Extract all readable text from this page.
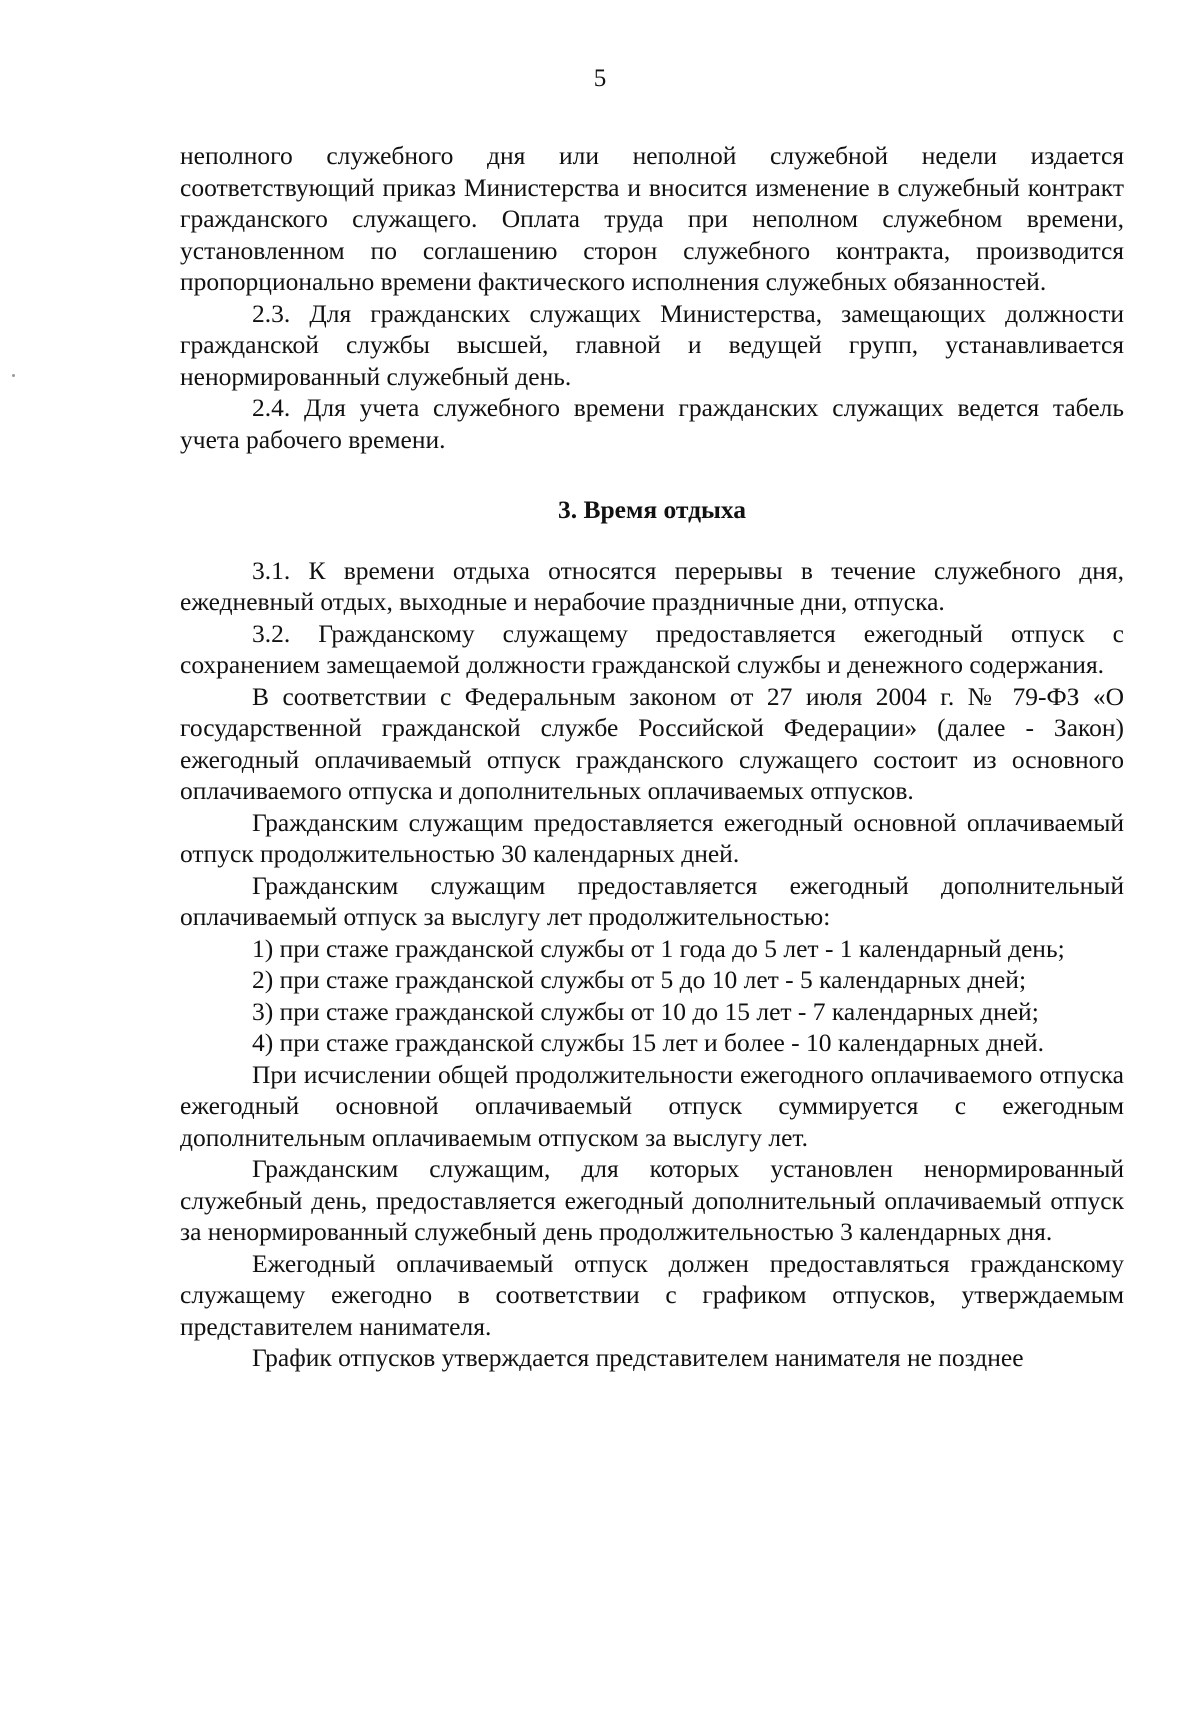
5

неполного служебного дня или неполной служебной недели издается соответствующий приказ Министерства и вносится изменение в служебный контракт гражданского служащего. Оплата труда при неполном служебном времени, установленном по соглашению сторон служебного контракта, производится пропорционально времени фактического исполнения служебных обязанностей.

2.3. Для гражданских служащих Министерства, замещающих должности гражданской службы высшей, главной и ведущей групп, устанавливается ненормированный служебный день.

2.4. Для учета служебного времени гражданских служащих ведется табель учета рабочего времени.

3. Время отдыха

3.1. К времени отдыха относятся перерывы в течение служебного дня, ежедневный отдых, выходные и нерабочие праздничные дни, отпуска.

3.2. Гражданскому служащему предоставляется ежегодный отпуск с сохранением замещаемой должности гражданской службы и денежного содержания.

В соответствии с Федеральным законом от 27 июля 2004 г. № 79-ФЗ «О государственной гражданской службе Российской Федерации» (далее - Закон) ежегодный оплачиваемый отпуск гражданского служащего состоит из основного оплачиваемого отпуска и дополнительных оплачиваемых отпусков.

Гражданским служащим предоставляется ежегодный основной оплачиваемый отпуск продолжительностью 30 календарных дней.

Гражданским служащим предоставляется ежегодный дополнительный оплачиваемый отпуск за выслугу лет продолжительностью:

1) при стаже гражданской службы от 1 года до 5 лет - 1 календарный день;

2) при стаже гражданской службы от 5 до 10 лет - 5 календарных дней;

3) при стаже гражданской службы от 10 до 15 лет - 7 календарных дней;

4) при стаже гражданской службы 15 лет и более - 10 календарных дней.

При исчислении общей продолжительности ежегодного оплачиваемого отпуска ежегодный основной оплачиваемый отпуск суммируется с ежегодным дополнительным оплачиваемым отпуском за выслугу лет.

Гражданским служащим, для которых установлен ненормированный служебный день, предоставляется ежегодный дополнительный оплачиваемый отпуск за ненормированный служебный день продолжительностью 3 календарных дня.

Ежегодный оплачиваемый отпуск должен предоставляться гражданскому служащему ежегодно в соответствии с графиком отпусков, утверждаемым представителем нанимателя.

График отпусков утверждается представителем нанимателя не позднее
